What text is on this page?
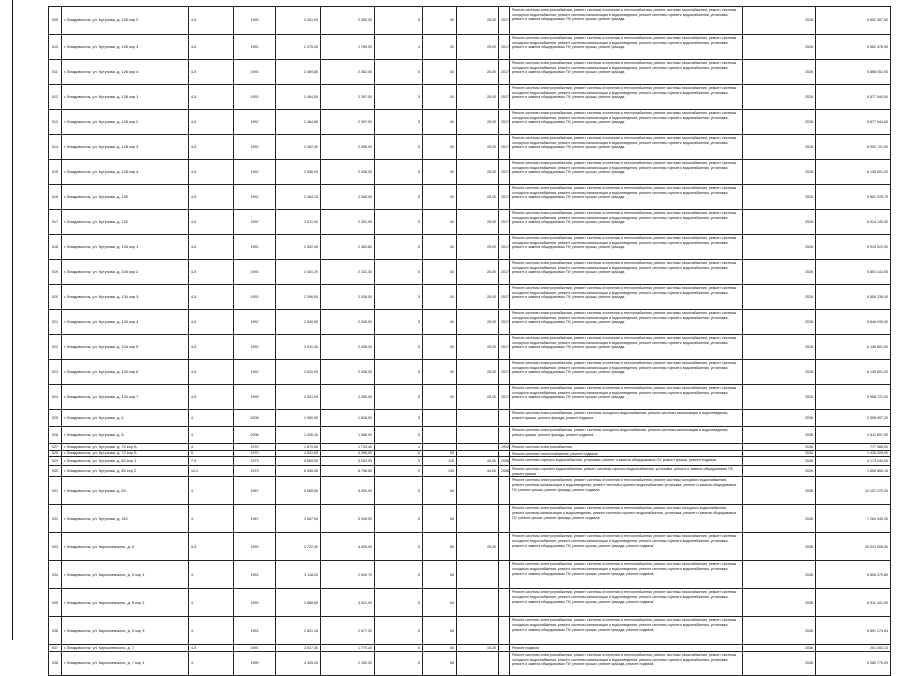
509	г. Владивосток, ул. Кутузова, д. 126 кор 2	4-5	1990	2 401,00	2 350,30	5	40	25,00	2017	Ремонт системы электроснабжения, ремонт системы отопления и теплоснабжения, ремонт системы газоснабжения, ремонт системы холодного водоснабжения, ремонт системы канализации и водоотведения, ремонт системы горячего водоснабжения, установка, ремонт и замена общедомовых ПУ, ремонт крыши, ремонт фасада	2026	5 802 987,50
510	г. Владивосток, ул. Кутузова, д. 126 кор 3	4-5	1992	2 075,40	1 789,00	4	30	25,00	2017	Ремонт системы электроснабжения, ремонт системы отопления и теплоснабжения, ремонт системы газоснабжения, ремонт системы холодного водоснабжения, ремонт системы канализации и водоотведения, ремонт системы горячего водоснабжения, установка, ремонт и замена общедомовых ПУ, ремонт крыши, ремонт фасада	2026	4 582 476,90
511	г. Владивосток, ул. Кутузова, д. 126 кор 4	4-5	1992	2 469,80	2 362,00	5	40	25,00	2017	Ремонт системы электроснабжения, ремонт системы отопления и теплоснабжения, ремонт системы газоснабжения, ремонт системы холодного водоснабжения, ремонт системы канализации и водоотведения, ремонт системы горячего водоснабжения, установка, ремонт и замена общедомовых ПУ, ремонт крыши, ремонт фасада	2026	5 868 052,00
512	г. Владивосток, ул. Кутузова, д. 128 кор 1	4-5	1992	2 464,00	2 397,00	5	40	25,00	2017	Ремонт системы электроснабжения, ремонт системы отопления и теплоснабжения, ремонт системы газоснабжения, ремонт системы холодного водоснабжения, ремонт системы канализации и водоотведения, ремонт системы горячего водоснабжения, установка, ремонт и замена общедомовых ПУ, ремонт крыши, ремонт фасада	2026	5 877 544,50
513	г. Владивосток, ул. Кутузова, д. 128 кор 2	4-5	1992	2 464,80	2 397,00	5	40	25,00	2017	Ремонт системы электроснабжения, ремонт системы отопления и теплоснабжения, ремонт системы газоснабжения, ремонт системы холодного водоснабжения, ремонт системы канализации и водоотведения, ремонт системы горячего водоснабжения, установка, ремонт и замена общедомовых ПУ, ремонт крыши, ремонт фасада	2026	5 877 544,50
514	г. Владивосток, ул. Кутузова, д. 128 кор 3	4-5	1992	2 462,30	2 396,00	5	40	25,00	2017	Ремонт системы электроснабжения, ремонт системы отопления и теплоснабжения, ремонт системы газоснабжения, ремонт системы холодного водоснабжения, ремонт системы канализации и водоотведения, ремонт системы горячего водоснабжения, установка, ремонт и замена общедомовых ПУ, ремонт крыши, ремонт фасада	2026	5 900 721,00
515	г. Владивосток, ул. Кутузова, д. 128 кор 4	4-5	1992	2 536,00	2 436,30	5	40	25,00	2017	Ремонт системы электроснабжения, ремонт системы отопления и теплоснабжения, ремонт системы газоснабжения, ремонт системы холодного водоснабжения, ремонт системы канализации и водоотведения, ремонт системы горячего водоснабжения, установка, ремонт и замена общедомовых ПУ, ремонт крыши, ремонт фасада	2026	6 145 901,00
516	г. Владивосток, ул. Кутузова, д. 130	4-5	1992	2 464,10	2 346,30	5	40	25,00	2017	Ремонт системы электроснабжения, ремонт системы отопления и теплоснабжения, ремонт системы газоснабжения, ремонт системы холодного водоснабжения, ремонт системы канализации и водоотведения, ремонт системы горячего водоснабжения, установка, ремонт и замена общедомовых ПУ, ремонт крыши, ремонт фасада	2026	5 851 978,75
517	г. Владивосток, ул. Кутузова, д. 132	4-5	1992	2 511,50	2 391,90	5	40	25,00	2017	Ремонт системы электроснабжения, ремонт системы отопления и теплоснабжения, ремонт системы газоснабжения, ремонт системы холодного водоснабжения, ремонт системы канализации и водоотведения, ремонт системы горячего водоснабжения, установка, ремонт и замена общедомовых ПУ, ремонт крыши, ремонт фасада	2026	5 914 140,50
518	г. Владивосток, ул. Кутузова, д. 134 кор 1	4-5	1992	2 502,40	2 383,80	5	40	25,00	2017	Ремонт системы электроснабжения, ремонт системы отопления и теплоснабжения, ремонт системы газоснабжения, ремонт системы холодного водоснабжения, ремонт системы канализации и водоотведения, ремонт системы горячего водоснабжения, установка, ремонт и замена общедомовых ПУ, ремонт крыши, ремонт фасада	2026	5 919 022,50
519	г. Владивосток, ул. Кутузова, д. 134 кор 2	4-5	1992	2 451,20	2 331,30	5	40	25,00	2017	Ремонт системы электроснабжения, ремонт системы отопления и теплоснабжения, ремонт системы газоснабжения, ремонт системы холодного водоснабжения, ремонт системы канализации и водоотведения, ремонт системы горячего водоснабжения, установка, ремонт и замена общедомовых ПУ, ремонт крыши, ремонт фасада	2026	5 804 143,50
520	г. Владивосток, ул. Кутузова, д. 134 кор 3	4-5	1992	2 396,00	2 336,00	5	40	25,00	2017	Ремонт системы электроснабжения, ремонт системы отопления и теплоснабжения, ремонт системы газоснабжения, ремонт системы холодного водоснабжения, ремонт системы канализации и водоотведения, ремонт системы горячего водоснабжения, установка, ремонт и замена общедомовых ПУ, ремонт крыши, ремонт фасада	2026	5 808 236,00
521	г. Владивосток, ул. Кутузова, д. 134 кор 4	4-5	1992	2 509,50	2 345,00	5	40	25,00	2017	Ремонт системы электроснабжения, ремонт системы отопления и теплоснабжения, ремонт системы газоснабжения, ремонт системы холодного водоснабжения, ремонт системы канализации и водоотведения, ремонт системы горячего водоснабжения, установка, ремонт и замена общедомовых ПУ, ремонт крыши, ремонт фасада	2026	5 846 090,00
522	г. Владивосток, ул. Кутузова, д. 134 кор 5	4-5	1992	2 611,30	2 436,30	5	40	25,00	2017	Ремонт системы электроснабжения, ремонт системы отопления и теплоснабжения, ремонт системы газоснабжения, ремонт системы холодного водоснабжения, ремонт системы канализации и водоотведения, ремонт системы горячего водоснабжения, установка, ремонт и замена общедомовых ПУ, ремонт крыши, ремонт фасада	2026	6 145 801,00
523	г. Владивосток, ул. Кутузова, д. 134 кор 6	4-5	1992	2 620,00	2 436,30	5	40	25,00	2017	Ремонт системы электроснабжения, ремонт системы отопления и теплоснабжения, ремонт системы газоснабжения, ремонт системы холодного водоснабжения, ремонт системы канализации и водоотведения, ремонт системы горячего водоснабжения, установка, ремонт и замена общедомовых ПУ, ремонт крыши, ремонт фасада	2026	6 145 801,00
524	г. Владивосток, ул. Кутузова, д. 134 кор 7	4-5	1993	2 521,00	2 356,30	5	40	25,00	2017	Ремонт системы электроснабжения, ремонт системы отопления и теплоснабжения, ремонт системы газоснабжения, ремонт системы холодного водоснабжения, ремонт системы канализации и водоотведения, ремонт системы горячего водоснабжения, установка, ремонт и замена общедомовых ПУ, ремонт крыши, ремонт фасада	2026	5 958 721,00
525	г. Владивосток, ул. Кутузова, д. 4	4	2008	1 980,00	1 816,00	5				Ремонт системы электроснабжения, ремонт системы холодного водоснабжения, ремонт системы канализации и водоотведения, ремонт крыши, ремонт фасада, ремонт подвала	2036	2 558 497,20
526	г. Владивосток, ул. Кутузова, д. 6	4	2008	1 426,40	1 368,00	5				Ремонт системы электроснабжения, ремонт системы холодного водоснабжения, ремонт системы канализации и водоотведения, ремонт крыши, ремонт фасада, ремонт подвала	2036	2 611 697,50
527	г. Владивосток, ул. Кутузова, д. 72 кор А	4	1970	1 870,00	1 733,40	4			1992	Ремонт системы электроснабжения	2036	777 068,00
528	г. Владивосток, ул. Кутузова, д. 72 кор Б	5	1970	4 621,60	4 396,90	5	65			Ремонт системы теплоснабжения, ремонт подвала	2036	1 436 309,00
529	г. Владивосток, ул. Кутузова, д. 80 кор 1	7-9	1973	5 669,50	5 053,00	5	110	45,00	2006	Ремонт системы горячего водоснабжения, установка, ремонт и замена общедомовых ПУ, ремонт крыши, ремонт подвала	2036	4 173 240,00
530	г. Владивосток, ул. Кутузова, д. 80 кор 2	10-2	1973	6 506,30	6 798,50	5	135	44,00	2006	Ремонт системы горячего водоснабжения, ремонт системы горячего водоснабжения, установка, ремонт и замена общедомовых ПУ, ремонт крыши	2026	1 856 850,15
531	г. Владивосток, ул. Кутузова, д. 82	4	1967	5 665,50	5 300,00	5	84			Ремонт системы электроснабжения, ремонт системы отопления и теплоснабжения, ремонт системы холодного водоснабжения, ремонт системы канализации и водоотведения, ремонт системы горячего водоснабжения, установка, ремонт и замена общедомовых ПУ, ремонт крыши, ремонт фасада, ремонт подвала	2036	12 107 270,00
532	г. Владивосток, ул. Кутузова, д. 110	4	1967	3 657,00	3 049,00	5	60			Ремонт системы электроснабжения, ремонт системы отопления и теплоснабжения, ремонт системы холодного водоснабжения, ремонт системы канализации и водоотведения, ремонт системы горячего водоснабжения, установка, ремонт и замена общедомовых ПУ, ремонт крыши, ремонт фасада, ремонт подвала	2036	7 264 340,20
533	г. Владивосток, ул. Кирьялевского, д. 5	5-5	1990	4 722,30	4 405,90	5	80	25,30		Ремонт системы электроснабжения, ремонт системы отопления и теплоснабжения, ремонт системы газоснабжения, ремонт системы холодного водоснабжения, ремонт системы канализации и водоотведения, ремонт системы горячего водоснабжения, установка, ремонт и замена общедомовых ПУ, ремонт крыши, ремонт фасада, ремонт подвала	2036	10 523 506,50
534	г. Владивосток, ул. Кирьялевского, д. 9 кор 1	4	1991	3 118,00	2 640,70	5	60			Ремонт системы электроснабжения, ремонт системы отопления и теплоснабжения, ремонт системы газоснабжения, ремонт системы холодного водоснабжения, ремонт системы канализации и водоотведения, ремонт системы горячего водоснабжения, установка, ремонт и замена общедомовых ПУ, ремонт крыши, ремонт фасада, ремонт подвала	2036	6 808 379,80
535	г. Владивосток, ул. Кирьялевского, д. 9 кор 2	4	1990	3 866,60	3 521,00	5	64			Ремонт системы электроснабжения, ремонт системы отопления и теплоснабжения, ремонт системы газоснабжения, ремонт системы холодного водоснабжения, ремонт системы канализации и водоотведения, ремонт системы горячего водоснабжения, установка, ремонт и замена общедомовых ПУ, ремонт крыши, ремонт фасада, ремонт подвала	2036	8 511 441,00
536	г. Владивосток, ул. Кирьялевского, д. 9 кор 3	4	1991	2 821,15	2 677,30	5	60			Ремонт системы электроснабжения, ремонт системы отопления и теплоснабжения, ремонт системы газоснабжения, ремонт системы холодного водоснабжения, ремонт системы канализации и водоотведения, ремонт системы горячего водоснабжения, установка, ремонт и замена общедомовых ПУ, ремонт крыши, ремонт фасада, ремонт подвала	2036	6 891 174,64
537	г. Владивосток, ул. Кирьялевского, д. 7	4-5	1991	3 517,30	1 770,10	5	50	16,30		Ремонт подвала	2036	201 403,13
538	г. Владивосток, ул. Кирьялевского, д. 7 кор 1	4	1990	4 425,00	2 150,30	5	56			Ремонт системы электроснабжения, ремонт системы отопления и теплоснабжения, ремонт системы газоснабжения, ремонт системы холодного водоснабжения, ремонт системы канализации и водоотведения, ремонт системы горячего водоснабжения, установка, ремонт и замена общедомовых ПУ, ремонт крыши, ремонт фасада, ремонт подвала	2036	5 380 770,00
